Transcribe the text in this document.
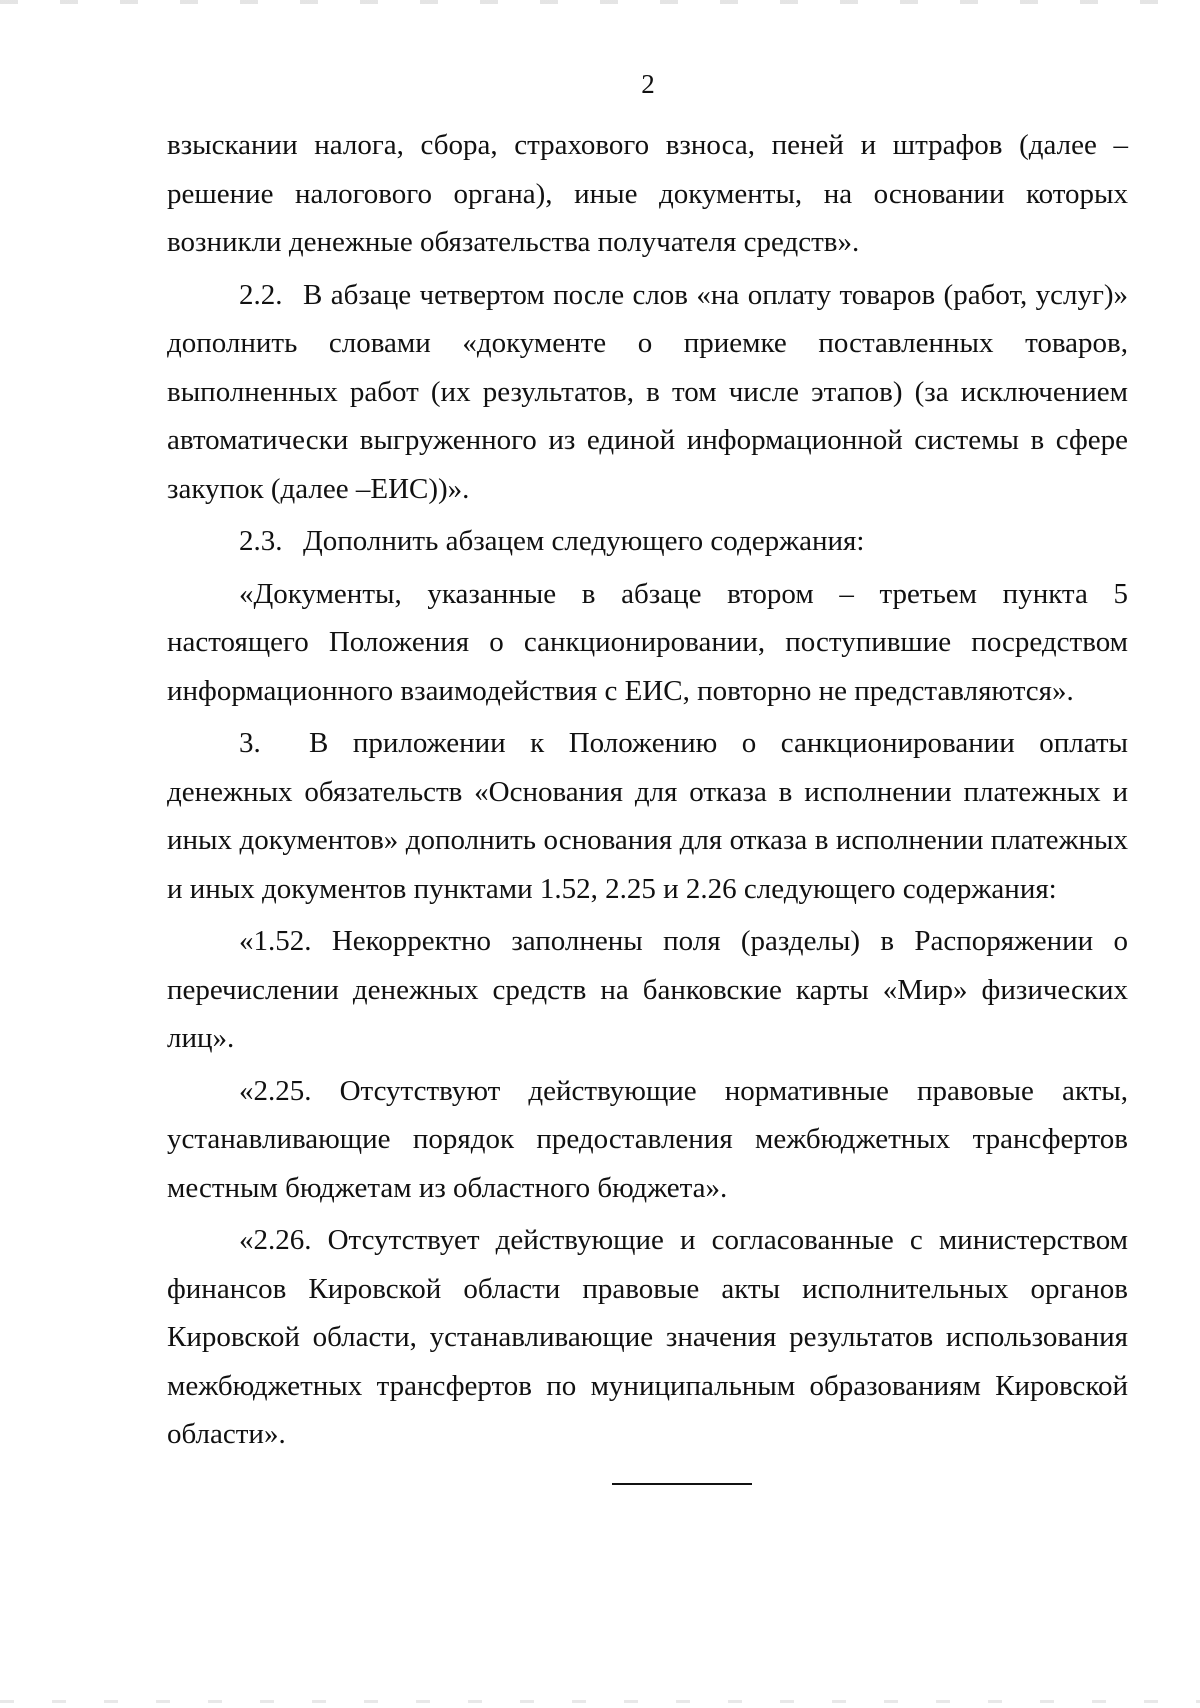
2

взыскании налога, сбора, страхового взноса, пеней и штрафов (далее – решение налогового органа), иные документы, на основании которых возникли денежные обязательства получателя средств».

2.2. В абзаце четвертом после слов «на оплату товаров (работ, услуг)» дополнить словами «документе о приемке поставленных товаров, выполненных работ (их результатов, в том числе этапов) (за исключением автоматически выгруженного из единой информационной системы в сфере закупок (далее –ЕИС))».

2.3. Дополнить абзацем следующего содержания:

«Документы, указанные в абзаце втором – третьем пункта 5 настоящего Положения о санкционировании, поступившие посредством информационного взаимодействия с ЕИС, повторно не представляются».

3. В приложении к Положению о санкционировании оплаты денежных обязательств «Основания для отказа в исполнении платежных и иных документов» дополнить основания для отказа в исполнении платежных и иных документов пунктами 1.52, 2.25 и 2.26 следующего содержания:

«1.52. Некорректно заполнены поля (разделы) в Распоряжении о перечислении денежных средств на банковские карты «Мир» физических лиц».

«2.25. Отсутствуют действующие нормативные правовые акты, устанавливающие порядок предоставления межбюджетных трансфертов местным бюджетам из областного бюджета».

«2.26. Отсутствует действующие и согласованные с министерством финансов Кировской области правовые акты исполнительных органов Кировской области, устанавливающие значения результатов использования межбюджетных трансфертов по муниципальным образованиям Кировской области».
